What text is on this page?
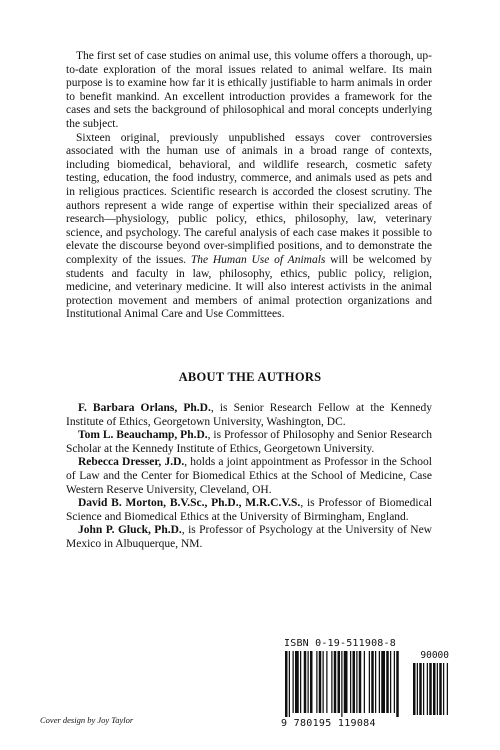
The first set of case studies on animal use, this volume offers a thorough, up-to-date exploration of the moral issues related to animal welfare. Its main purpose is to examine how far it is ethically justifiable to harm animals in order to benefit mankind. An excellent introduction provides a framework for the cases and sets the background of philosophical and moral concepts underlying the subject.

Sixteen original, previously unpublished essays cover controversies associated with the human use of animals in a broad range of contexts, including biomedical, behavioral, and wildlife research, cosmetic safety testing, education, the food industry, commerce, and animals used as pets and in religious practices. Scientific research is accorded the closest scrutiny. The authors represent a wide range of expertise within their specialized areas of research—physiology, public policy, ethics, philosophy, law, veterinary science, and psychology. The careful analysis of each case makes it possible to elevate the discourse beyond over-simplified positions, and to demonstrate the complexity of the issues. The Human Use of Animals will be welcomed by students and faculty in law, philosophy, ethics, public policy, religion, medicine, and veterinary medicine. It will also interest activists in the animal protection movement and members of animal protection organizations and Institutional Animal Care and Use Committees.

ABOUT THE AUTHORS

F. Barbara Orlans, Ph.D., is Senior Research Fellow at the Kennedy Institute of Ethics, Georgetown University, Washington, DC.

Tom L. Beauchamp, Ph.D., is Professor of Philosophy and Senior Research Scholar at the Kennedy Institute of Ethics, Georgetown University.

Rebecca Dresser, J.D., holds a joint appointment as Professor in the School of Law and the Center for Biomedical Ethics at the School of Medicine, Case Western Reserve University, Cleveland, OH.

David B. Morton, B.V.Sc., Ph.D., M.R.C.V.S., is Professor of Biomedical Science and Biomedical Ethics at the University of Birmingham, England.

John P. Gluck, Ph.D., is Professor of Psychology at the University of New Mexico in Albuquerque, NM.

ISBN 0-19-511908-8
90000
9 780195 119084
Cover design by Joy Taylor
